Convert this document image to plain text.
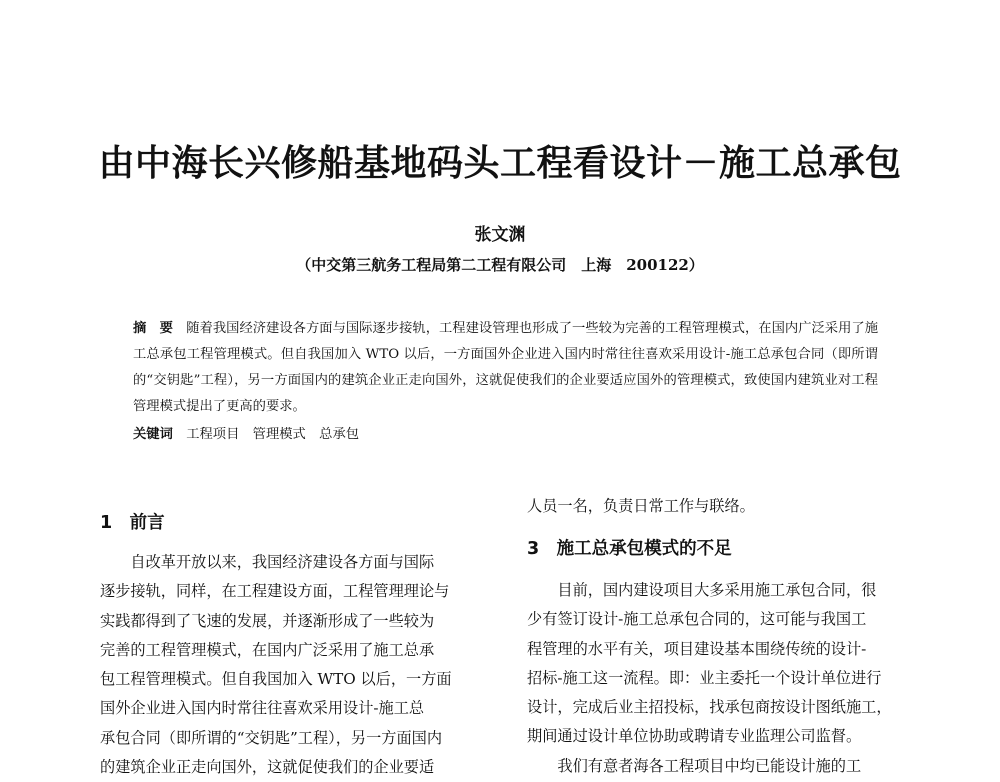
由中海长兴修船基地码头工程看设计－施工总承包
张文渊
（中交第三航务工程局第二工程有限公司　上海　200122）
摘　要　 随着我国经济建设各方面与国际逐步接轨，工程建设管理也形成了一些较为完善的工程管理模式，在国内广泛采用了施工总承包工程管理模式。但自我国加入 WTO 以后，一方面国外企业进入国内时常往往喜欢采用设计-施工总承包合同（即所谓的“交钥匙”工程），另一方面国内的建筑企业正走向国外，这就促使我们的企业要适应国外的管理模式，致使国内建筑业对工程管理模式提出了更高的要求。
关键词　 工程项目　管理模式　总承包
1　前言
　　自改革开放以来，我国经济建设各方面与国际
逐步接轨，同样，在工程建设方面，工程管理理论与
实践都得到了飞速的发展，并逐渐形成了一些较为
完善的工程管理模式，在国内广泛采用了施工总承
包工程管理模式。但自我国加入 WTO 以后，一方面
国外企业进入国内时常往往喜欢采用设计-施工总
承包合同（即所谓的“交钥匙”工程），另一方面国内
的建筑企业正走向国外，这就促使我们的企业要适
人员一名，负责日常工作与联络。
3　施工总承包模式的不足
　　目前，国内建设项目大多采用施工承包合同，很
少有签订设计-施工总承包合同的，这可能与我国工
程管理的水平有关，项目建设基本围绕传统的设计-
招标-施工这一流程。即：业主委托一个设计单位进行
设计，完成后业主招投标，找承包商按设计图纸施工，
期间通过设计单位协助或聘请专业监理公司监督。
　　我们有意者海各工程项目中均已能设计施的工
